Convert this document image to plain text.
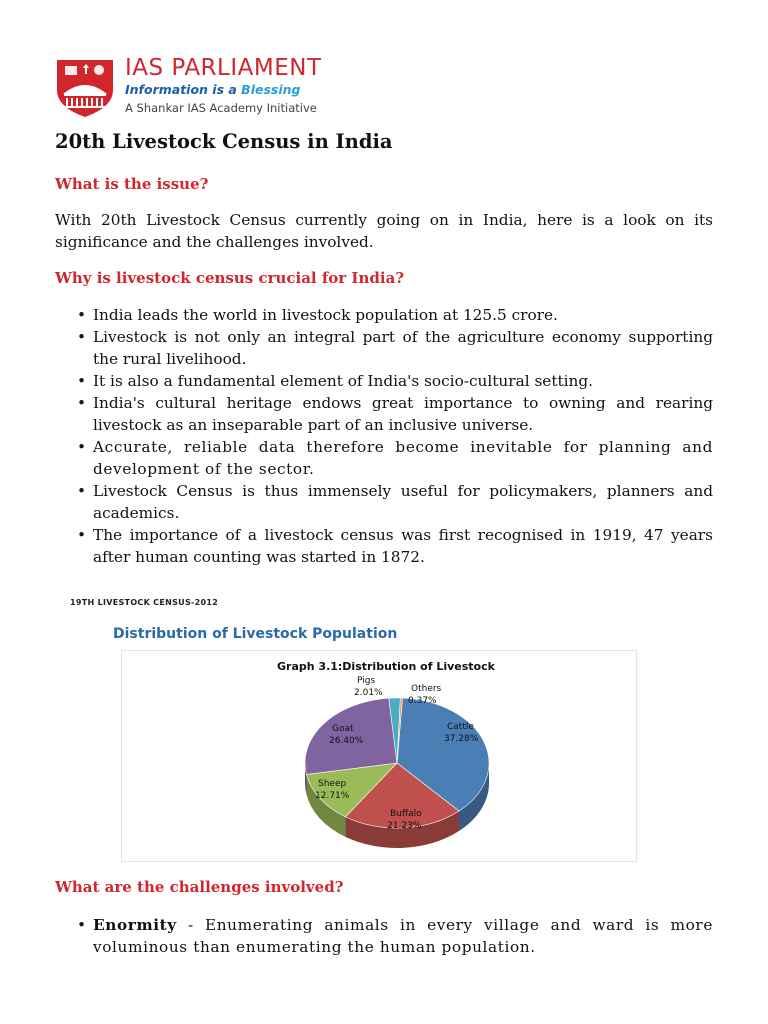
IAS PARLIAMENT
Information is a Blessing
A Shankar IAS Academy Initiative
20th Livestock Census in India
What is the issue?

With 20th Livestock Census currently going on in India, here is a look on its significance and the challenges involved.

Why is livestock census crucial for India?
• India leads the world in livestock population at 125.5 crore.
• Livestock is not only an integral part of the agriculture economy supporting the rural livelihood.
• It is also a fundamental element of India's socio-cultural setting.
• India's cultural heritage endows great importance to owning and rearing livestock as an inseparable part of an inclusive universe.
• Accurate, reliable data therefore become inevitable for planning and development of the sector.
• Livestock Census is thus immensely useful for policymakers, planners and academics.
• The importance of a livestock census was first recognised in 1919, 47 years after human counting was started in 1872.
19TH LIVESTOCK CENSUS-2012
Distribution of Livestock Population
Graph 3.1:Distribution of Livestock
Cattle
37.28%
Buffalo
21.23%
Sheep
12.71%
Goat
26.40%
Pigs
2.01%	Others
0.37%
What are the challenges involved?
• Enormity - Enumerating animals in every village and ward is more voluminous than enumerating the human population.
